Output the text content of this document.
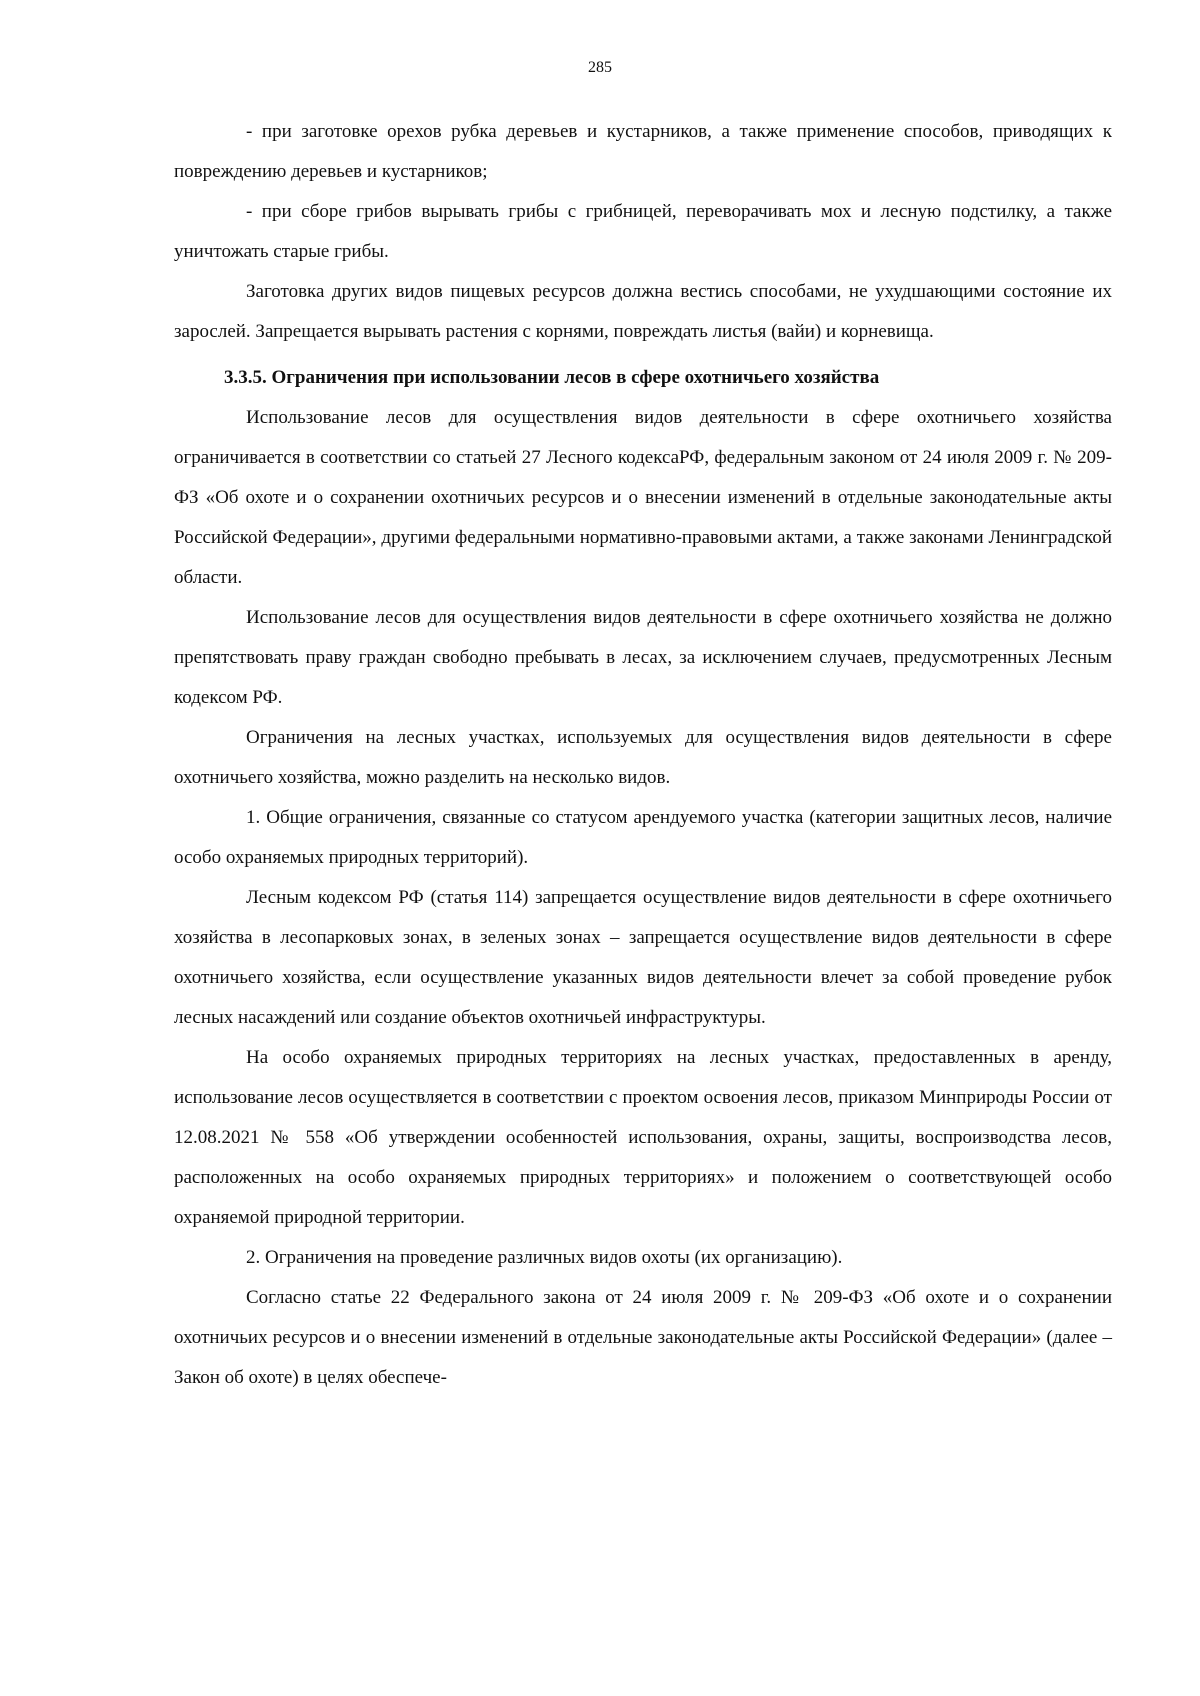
285

- при заготовке орехов рубка деревьев и кустарников, а также применение способов, приводящих к повреждению деревьев и кустарников;

- при сборе грибов вырывать грибы с грибницей, переворачивать мох и лесную подстилку, а также уничтожать старые грибы.

Заготовка других видов пищевых ресурсов должна вестись способами, не ухудшающими состояние их зарослей. Запрещается вырывать растения с корнями, повреждать листья (вайи) и корневища.

3.3.5. Ограничения при использовании лесов в сфере охотничьего хозяйства

Использование лесов для осуществления видов деятельности в сфере охотничьего хозяйства ограничивается в соответствии со статьей 27 Лесного кодексаРФ, федеральным законом от 24 июля 2009 г. № 209-ФЗ «Об охоте и о сохранении охотничьих ресурсов и о внесении изменений в отдельные законодательные акты Российской Федерации», другими федеральными нормативно-правовыми актами, а также законами Ленинградской области.

Использование лесов для осуществления видов деятельности в сфере охотничьего хозяйства не должно препятствовать праву граждан свободно пребывать в лесах, за исключением случаев, предусмотренных Лесным кодексом РФ.

Ограничения на лесных участках, используемых для осуществления видов деятельности в сфере охотничьего хозяйства, можно разделить на несколько видов.

1. Общие ограничения, связанные со статусом арендуемого участка (категории защитных лесов, наличие особо охраняемых природных территорий).

Лесным кодексом РФ (статья 114) запрещается осуществление видов деятельности в сфере охотничьего хозяйства в лесопарковых зонах, в зеленых зонах – запрещается осуществление видов деятельности в сфере охотничьего хозяйства, если осуществление указанных видов деятельности влечет за собой проведение рубок лесных насаждений или создание объектов охотничьей инфраструктуры.

На особо охраняемых природных территориях на лесных участках, предоставленных в аренду, использование лесов осуществляется в соответствии с проектом освоения лесов, приказом Минприроды России от 12.08.2021 № 558 «Об утверждении особенностей использования, охраны, защиты, воспроизводства лесов, расположенных на особо охраняемых природных территориях» и положением о соответствующей особо охраняемой природной территории.

2. Ограничения на проведение различных видов охоты (их организацию).

Согласно статье 22 Федерального закона от 24 июля 2009 г. № 209-ФЗ «Об охоте и о сохранении охотничьих ресурсов и о внесении изменений в отдельные законодательные акты Российской Федерации» (далее – Закон об охоте) в целях обеспече-
